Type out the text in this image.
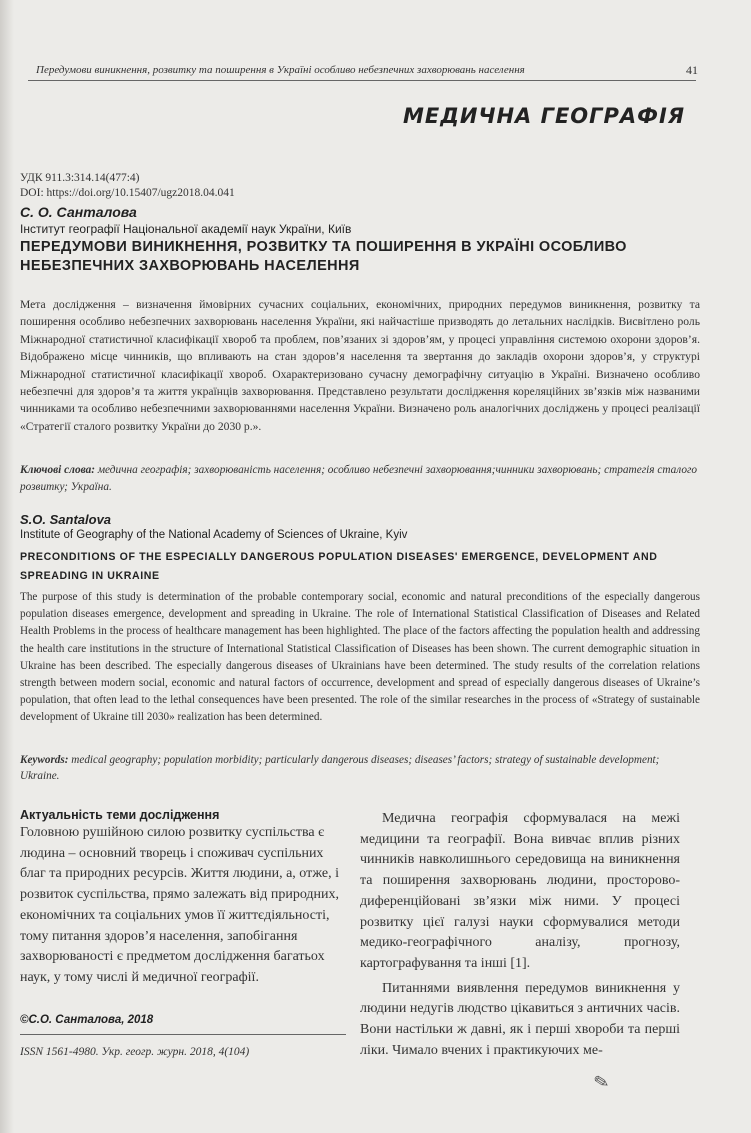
Передумови виникнення, розвитку та поширення в Україні особливо небезпечних захворювань населення	41
МЕДИЧНА ГЕОГРАФІЯ
УДК 911.3:314.14(477:4)
DOI: https://doi.org/10.15407/ugz2018.04.041
С. О. Санталова
Інститут географії Національної академії наук України, Київ
ПЕРЕДУМОВИ ВИНИКНЕННЯ, РОЗВИТКУ ТА ПОШИРЕННЯ В УКРАЇНІ ОСОБЛИВО НЕБЕЗПЕЧНИХ ЗАХВОРЮВАНЬ НАСЕЛЕННЯ
Мета дослідження – визначення ймовірних сучасних соціальних, економічних, природних передумов виникнення, розвитку та поширення особливо небезпечних захворювань населення України, які найчастіше призводять до летальних наслідків. Висвітлено роль Міжнародної статистичної класифікації хвороб та проблем, пов’язаних зі здоров’ям, у процесі управління системою охорони здоров’я. Відображено місце чинників, що впливають на стан здоров’я населення та звертання до закладів охорони здоров’я, у структурі Міжнародної статистичної класифікації хвороб. Охарактеризовано сучасну демографічну ситуацію в Україні. Визначено особливо небезпечні для здоров’я та життя українців захворювання. Представлено результати дослідження кореляційних зв’язків між названими чинниками та особливо небезпечними захворюваннями населення України. Визначено роль аналогічних досліджень у процесі реалізації «Стратегії сталого розвитку України до 2030 р.».
Ключові слова: медична географія; захворюваність населення; особливо небезпечні захворювання;чинники захворювань; стратегія сталого розвитку; Україна.
S.O. Santalova
Institute of Geography of the National Academy of Sciences of Ukraine, Kyiv
PRECONDITIONS OF THE ESPECIALLY DANGEROUS POPULATION DISEASES' EMERGENCE, DEVELOPMENT AND SPREADING IN UKRAINE
The purpose of this study is determination of the probable contemporary social, economic and natural preconditions of the especially dangerous population diseases emergence, development and spreading in Ukraine. The role of International Statistical Classification of Diseases and Related Health Problems in the process of healthcare management has been highlighted. The place of the factors affecting the population health and addressing the health care institutions in the structure of International Statistical Classification of Diseases has been shown. The current demographic situation in Ukraine has been described. The especially dangerous diseases of Ukrainians have been determined. The study results of the correlation relations strength between modern social, economic and natural factors of occurrence, development and spread of especially dangerous diseases of Ukraine’s population, that often lead to the lethal consequences have been presented. The role of the similar researches in the process of «Strategy of sustainable development of Ukraine till 2030» realization has been determined.
Keywords: medical geography; population morbidity; particularly dangerous diseases; diseases’ factors; strategy of sustainable development; Ukraine.

Актуальність теми дослідження

Головною рушійною силою розвитку суспільства є людина – основний творець і споживач суспільних благ та природних ресурсів. Життя людини, а, отже, і розвиток суспільства, прямо залежать від природних, економічних та соціальних умов її життєдіяльності, тому питання здоров’я населення, запобігання захворюваності є предметом дослідження багатьох наук, у тому числі й медичної географії.

Медична географія сформувалася на межі медицини та географії. Вона вивчає вплив різних чинників навколишнього середовища на виникнення та поширення захворювань людини, просторово-диференційовані зв’язки між ними. У процесі розвитку цієї галузі науки сформувалися методи медико-географічного аналізу, прогнозу, картографування та інші [1].

Питаннями виявлення передумов виникнення у людини недугів людство цікавиться з античних часів. Вони настільки ж давні, як і перші хвороби та перші ліки. Чимало вчених і практикуючих ме-

©С.О. Санталова, 2018
ISSN 1561-4980. Укр. геогр. журн. 2018, 4(104)
✎
